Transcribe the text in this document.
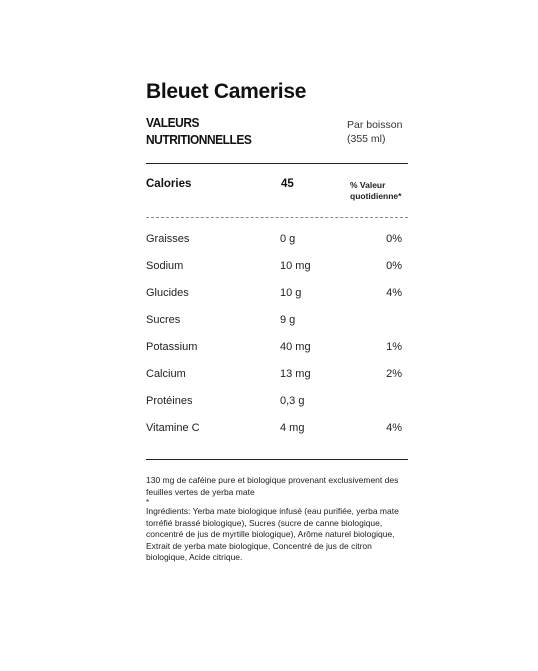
Bleuet Camerise
VALEURS
NUTRITIONNELLES
Par boisson
(355 ml)
Calories	45	% Valeur
quotidienne*
Graisses	0 g	0%
Sodium	10 mg	0%
Glucides	10 g	4%
Sucres	9 g
Potassium	40 mg	1%
Calcium	13 mg	2%
Protéines	0,3 g
Vitamine C	4 mg	4%
130 mg de caféine pure et biologique provenant exclusivement des feuilles vertes de yerba mate
*
Ingrédients: Yerba mate biologique infusé (eau purifiée, yerba mate torréfié brassé biologique), Sucres (sucre de canne biologique, concentré de jus de myrtille biologique), Arôme naturel biologique, Extrait de yerba mate biologique, Concentré de jus de citron biologique, Acide citrique.
